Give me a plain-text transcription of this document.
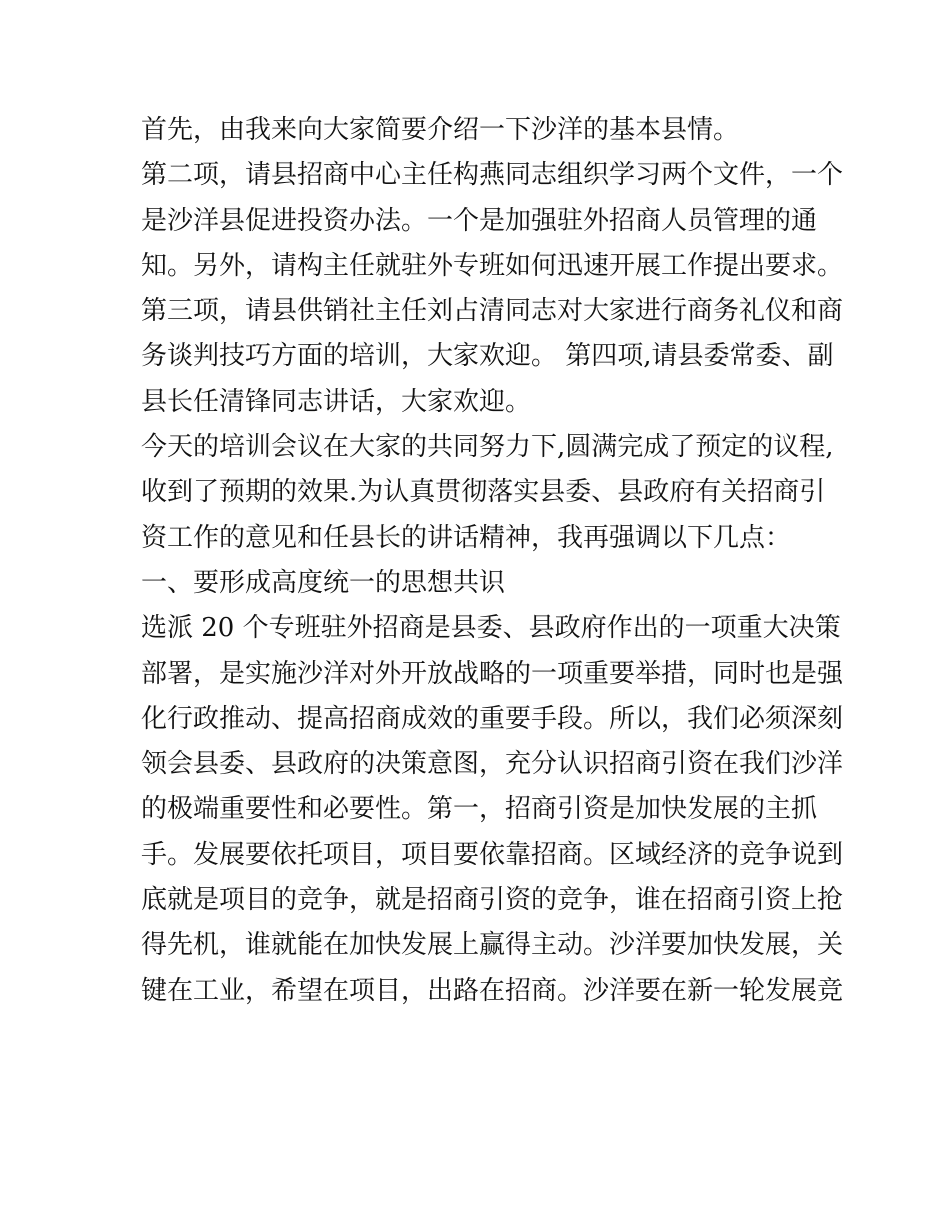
首先，由我来向大家简要介绍一下沙洋的基本县情。
第二项，请县招商中心主任构燕同志组织学习两个文件，一个
是沙洋县促进投资办法。一个是加强驻外招商人员管理的通
知。另外，请构主任就驻外专班如何迅速开展工作提出要求。
第三项，请县供销社主任刘占清同志对大家进行商务礼仪和商
务谈判技巧方面的培训，大家欢迎。 第四项,请县委常委、副
县长任清锋同志讲话，大家欢迎。
今天的培训会议在大家的共同努力下,圆满完成了预定的议程,
收到了预期的效果.为认真贯彻落实县委、县政府有关招商引
资工作的意见和任县长的讲话精神，我再强调以下几点：
一、要形成高度统一的思想共识
选派 20 个专班驻外招商是县委、县政府作出的一项重大决策
部署，是实施沙洋对外开放战略的一项重要举措，同时也是强
化行政推动、提高招商成效的重要手段。所以，我们必须深刻
领会县委、县政府的决策意图，充分认识招商引资在我们沙洋
的极端重要性和必要性。第一，招商引资是加快发展的主抓
手。发展要依托项目，项目要依靠招商。区域经济的竞争说到
底就是项目的竞争，就是招商引资的竞争，谁在招商引资上抢
得先机，谁就能在加快发展上赢得主动。沙洋要加快发展，关
键在工业，希望在项目，出路在招商。沙洋要在新一轮发展竞
